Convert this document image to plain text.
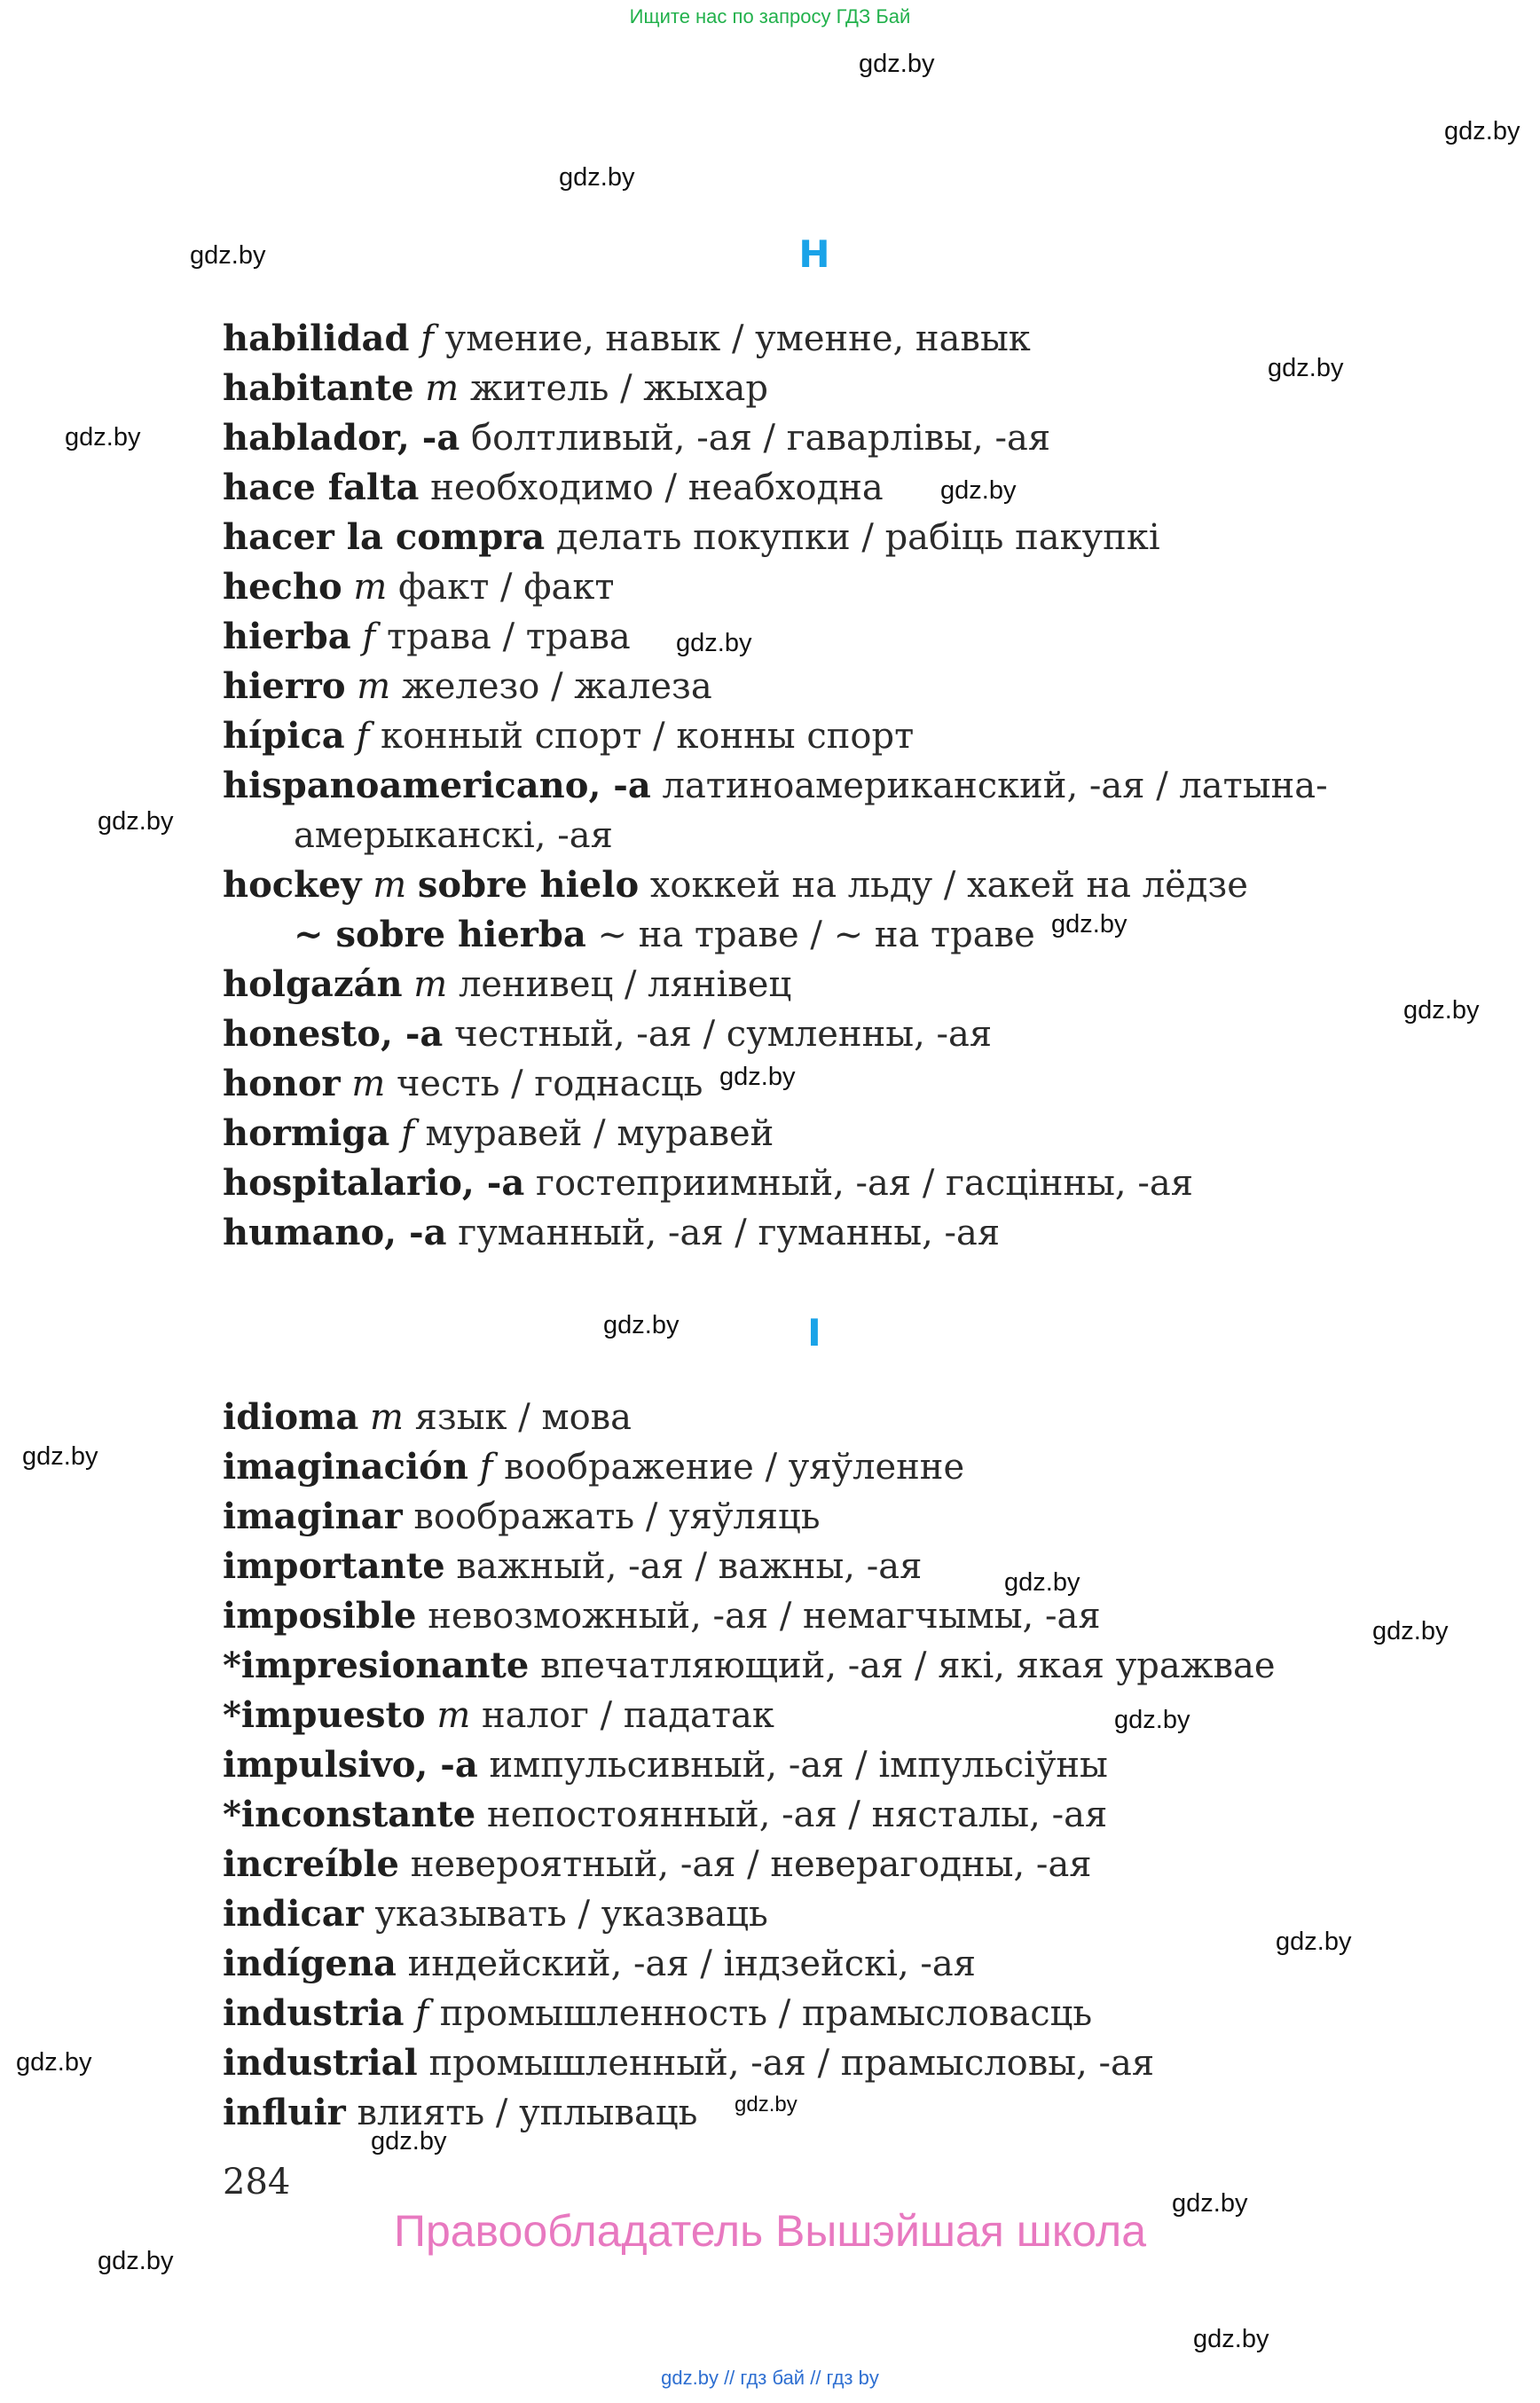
Ищите нас по запросу ГДЗ Бай
gdz.by
gdz.by
gdz.by
gdz.by
gdz.by
gdz.by
gdz.by
gdz.by
gdz.by
gdz.by
gdz.by
gdz.by
gdz.by
gdz.by
gdz.by
gdz.by
gdz.by
gdz.by
gdz.by
gdz.by
gdz.by
gdz.by
gdz.by
gdz.by
H
habilidad f умение, навык / уменне, навык
habitante m житель / жыхар
hablador, -a болтливый, -ая / гаварлівы, -ая
hace falta необходимо / неабходна
hacer la compra делать покупки / рабіць пакупкі
hecho m факт / факт
hierba f трава / трава
hierro m железо / жалеза
hípica f конный спорт / конны спорт
hispanoamericano, -a латиноамериканский, -ая / латына-
амерыканскі, -ая
hockey m sobre hielo хоккей на льду / хакей на лёдзе
~ sobre hierba ~ на траве / ~ на траве
holgazán m ленивец / лянівец
honesto, -a честный, -ая / сумленны, -ая
honor m честь / годнасць
hormiga f муравей / муравей
hospitalario, -a гостеприимный, -ая / гасцінны, -ая
humano, -a гуманный, -ая / гуманны, -ая
I
idioma m язык / мова
imaginación f воображение / уяўленне
imaginar воображать / уяўляць
importante важный, -ая / важны, -ая
imposible невозможный, -ая / немагчымы, -ая
*impresionante впечатляющий, -ая / які, якая уражвае
*impuesto m налог / падатак
impulsivo, -a импульсивный, -ая / імпульсіўны
*inconstante непостоянный, -ая / нясталы, -ая
increíble невероятный, -ая / неверагодны, -ая
indicar указывать / указваць
indígena индейский, -ая / індзейскі, -ая
industria f промышленность / прамысловасць
industrial промышленный, -ая / прамысловы, -ая
influir влиять / уплываць
284
Правообладатель Вышэйшая школа
gdz.by // гдз бай // гдз by
